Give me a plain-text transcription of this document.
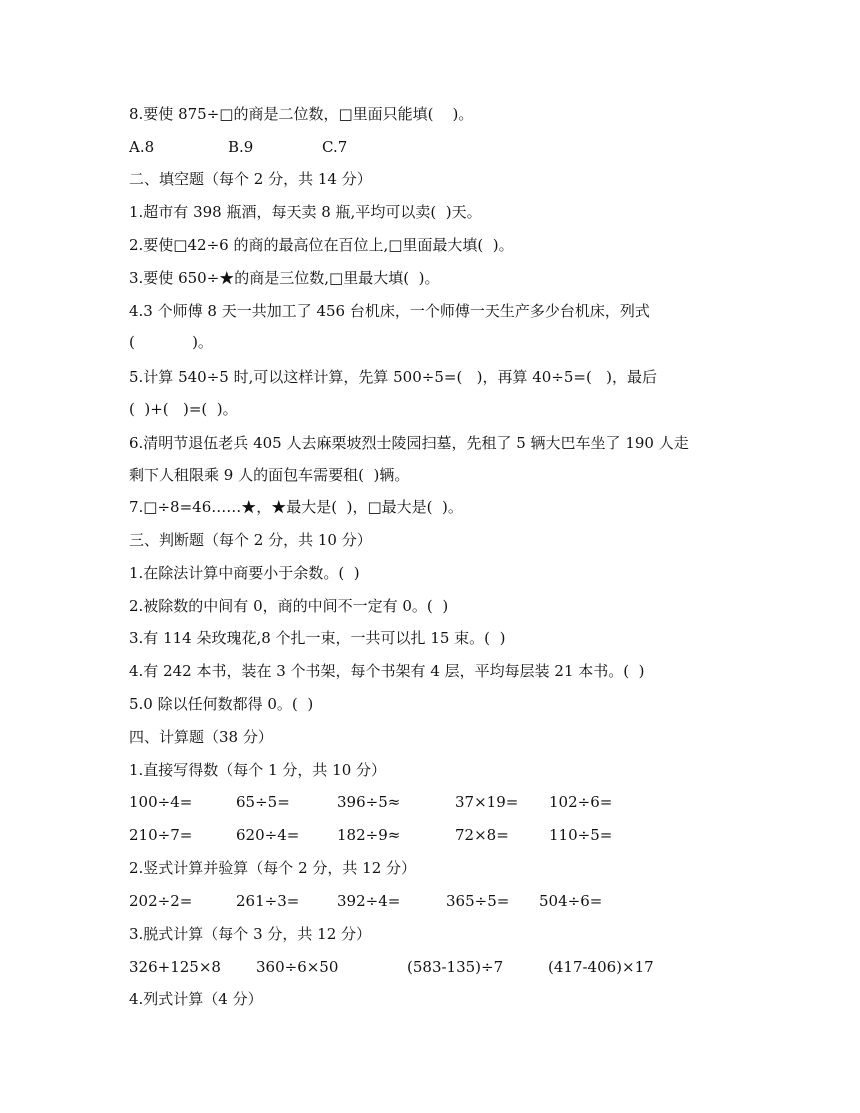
8.要使 875÷□的商是二位数，□里面只能填(    )。
A.8	B.9	C.7
二、填空题（每个 2 分，共 14 分）
1.超市有 398 瓶酒，每天卖 8 瓶,平均可以卖(  )天。
2.要使□42÷6 的商的最高位在百位上,□里面最大填(  )。
3.要使 650÷★的商是三位数,□里最大填(  )。
4.3 个师傅 8 天一共加工了 456 台机床，一个师傅一天生产多少台机床，列式
(            )。
5.计算 540÷5 时,可以这样计算，先算 500÷5=(   )，再算 40÷5=(   )，最后
(  )+(   )=(  )。
6.清明节退伍老兵 405 人去麻栗坡烈士陵园扫墓，先租了 5 辆大巴车坐了 190 人走
剩下人租限乘 9 人的面包车需要租(  )辆。
7.□÷8=46……★，★最大是(  )，□最大是(  )。
三、判断题（每个 2 分，共 10 分）
1.在除法计算中商要小于余数。(  )
2.被除数的中间有 0，商的中间不一定有 0。(  )
3.有 114 朵玫瑰花,8 个扎一束，一共可以扎 15 束。(  )
4.有 242 本书，装在 3 个书架，每个书架有 4 层，平均每层装 21 本书。(  )
5.0 除以任何数都得 0。(  )
四、计算题（38 分）
1.直接写得数（每个 1 分，共 10 分）
100÷4=	65÷5=	396÷5≈	37×19= 102÷6=
210÷7=	620÷4=	182÷9≈	72×8=	110÷5=
2.竖式计算并验算（每个 2 分，共 12 分）
202÷2=	261÷3=	392÷4=	365÷5= 504÷6=
3.脱式计算（每个 3 分，共 12 分）
326+125×8 360÷6×50	(583-135)÷7	(417-406)×17
4.列式计算（4 分）
